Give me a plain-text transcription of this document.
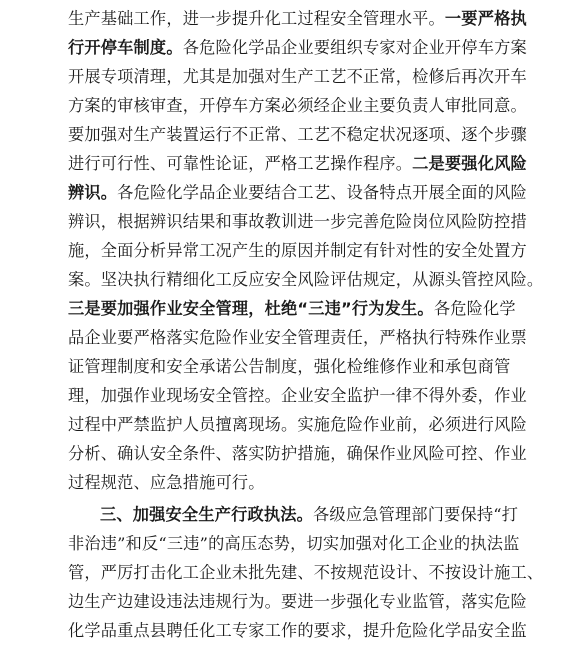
生产基础工作，进一步提升化工过程安全管理水平。一要严格执
行开停车制度。各危险化学品企业要组织专家对企业开停车方案
开展专项清理，尤其是加强对生产工艺不正常，检修后再次开车
方案的审核审查，开停车方案必须经企业主要负责人审批同意。
要加强对生产装置运行不正常、工艺不稳定状况逐项、逐个步骤
进行可行性、可靠性论证，严格工艺操作程序。二是要强化风险
辨识。各危险化学品企业要结合工艺、设备特点开展全面的风险
辨识，根据辨识结果和事故教训进一步完善危险岗位风险防控措
施，全面分析异常工况产生的原因并制定有针对性的安全处置方
案。坚决执行精细化工反应安全风险评估规定，从源头管控风险。
三是要加强作业安全管理，杜绝“三违”行为发生。各危险化学
品企业要严格落实危险作业安全管理责任，严格执行特殊作业票
证管理制度和安全承诺公告制度，强化检维修作业和承包商管
理，加强作业现场安全管控。企业安全监护一律不得外委，作业
过程中严禁监护人员擅离现场。实施危险作业前，必须进行风险
分析、确认安全条件、落实防护措施，确保作业风险可控、作业
过程规范、应急措施可行。
三、加强安全生产行政执法。各级应急管理部门要保持“打
非治违”和反“三违”的高压态势，切实加强对化工企业的执法监
管，严厉打击化工企业未批先建、不按规范设计、不按设计施工、
边生产边建设违法违规行为。要进一步强化专业监管，落实危险
化学品重点县聘任化工专家工作的要求，提升危险化学品安全监
